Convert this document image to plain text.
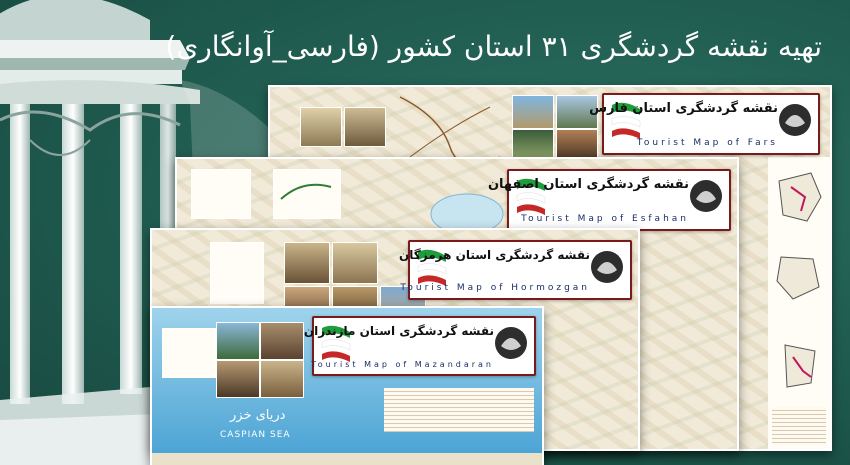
تهیه نقشه گردشگری ۳۱ استان کشور (فارسی_آوانگاری)
نقشه گردشگری استان فارس
Tourist Map of Fars
نقشه گردشگری استان اصفهان
Tourist Map of Esfahan
نقشه گردشگری استان هرمزگان
Tourist Map of Hormozgan
دریای خزر
CASPIAN SEA
نقشه گردشگری استان مازندران
Tourist Map of Mazandaran
